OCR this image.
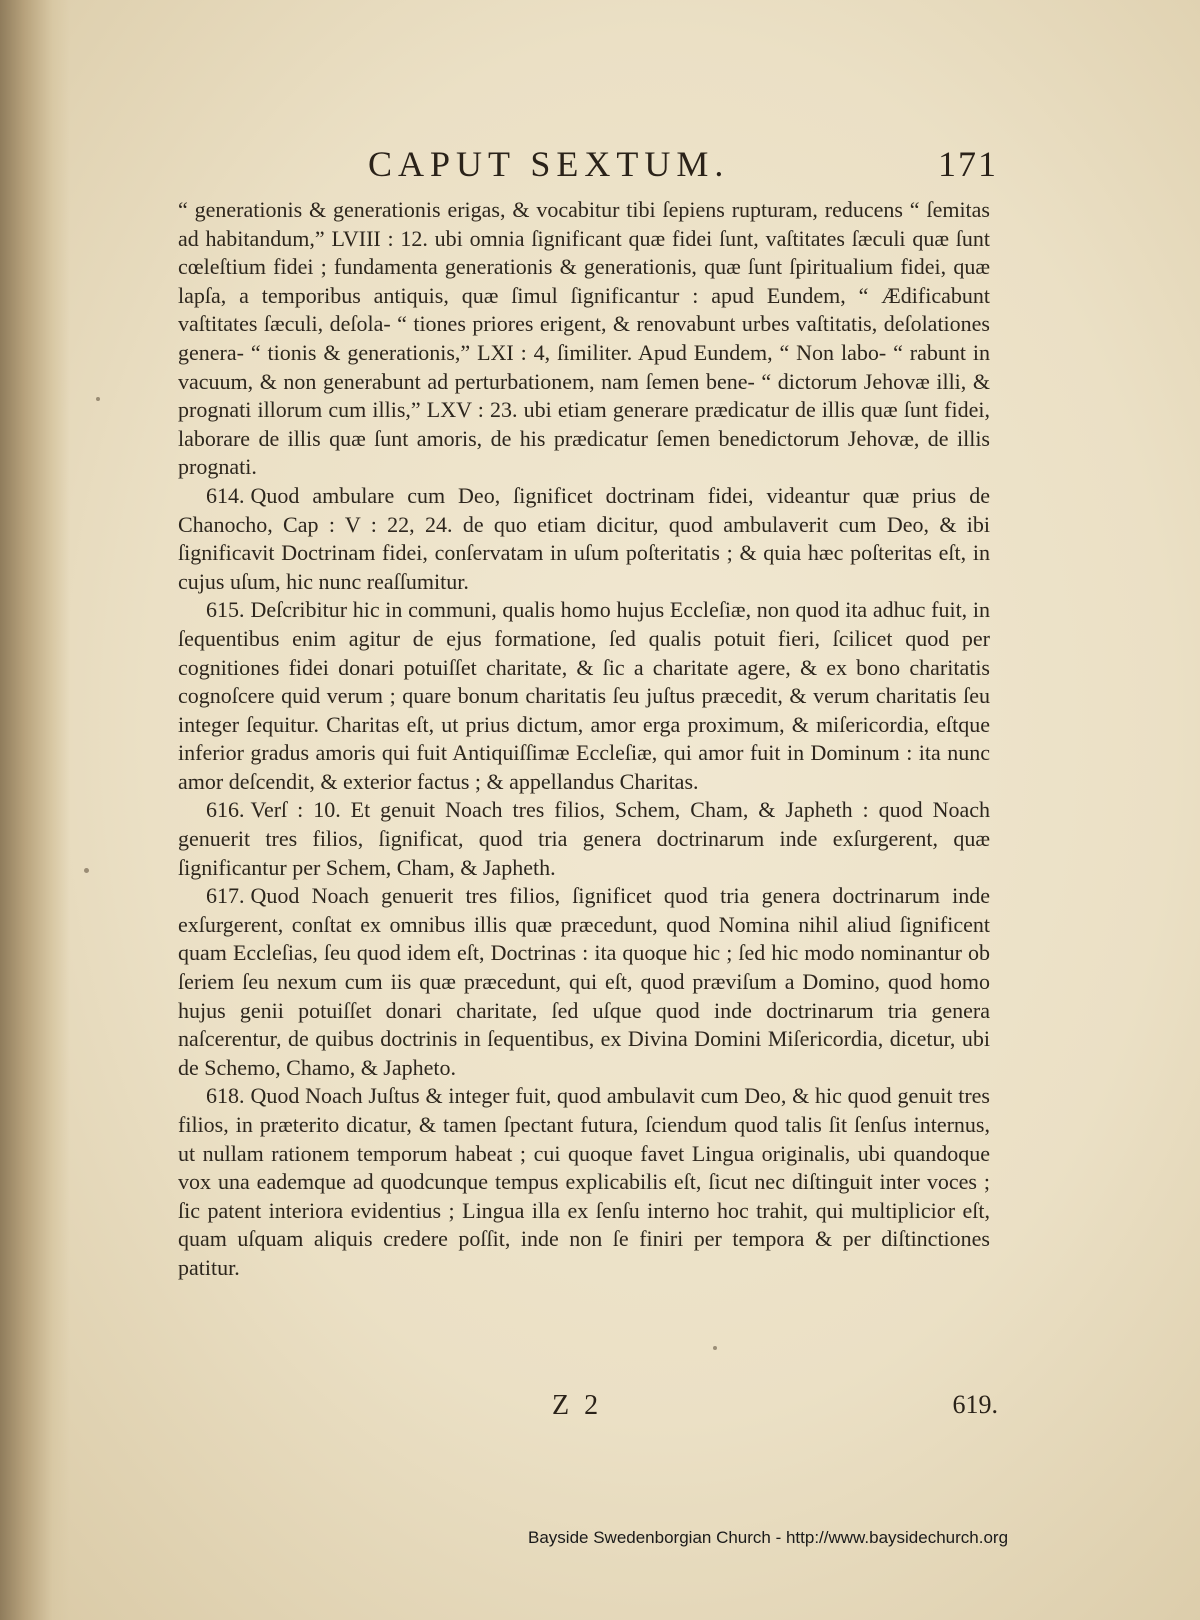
CAPUT SEXTUM.	171

“ generationis & generationis erigas, & vocabitur tibi ſepiens rupturam, reducens “ ſemitas ad habitandum,” LVIII : 12. ubi omnia ſignificant quæ fidei ſunt, vaſtitates ſæculi quæ ſunt cœleſtium fidei ; fundamenta generationis & generationis, quæ ſunt ſpiritualium fidei, quæ lapſa, a temporibus antiquis, quæ ſimul ſignificantur : apud Eundem, “ Ædificabunt vaſtitates ſæculi, deſola- “ tiones priores erigent, & renovabunt urbes vaſtitatis, deſolationes genera- “ tionis & generationis,” LXI : 4, ſimiliter. Apud Eundem, “ Non labo- “ rabunt in vacuum, & non generabunt ad perturbationem, nam ſemen bene- “ dictorum Jehovæ illi, & prognati illorum cum illis,” LXV : 23. ubi etiam generare prædicatur de illis quæ ſunt fidei, laborare de illis quæ ſunt amoris, de his prædicatur ſemen benedictorum Jehovæ, de illis prognati.

614. Quod ambulare cum Deo, ſignificet doctrinam fidei, videantur quæ prius de Chanocho, Cap : V : 22, 24. de quo etiam dicitur, quod ambulaverit cum Deo, & ibi ſignificavit Doctrinam fidei, conſervatam in uſum poſteritatis ; & quia hæc poſteritas eſt, in cujus uſum, hic nunc reaſſumitur.

615. Deſcribitur hic in communi, qualis homo hujus Eccleſiæ, non quod ita adhuc fuit, in ſequentibus enim agitur de ejus formatione, ſed qualis potuit fieri, ſcilicet quod per cognitiones fidei donari potuiſſet charitate, & ſic a charitate agere, & ex bono charitatis cognoſcere quid verum ; quare bonum charitatis ſeu juſtus præcedit, & verum charitatis ſeu integer ſequitur. Charitas eſt, ut prius dictum, amor erga proximum, & miſericordia, eſtque inferior gradus amoris qui fuit Antiquiſſimæ Eccleſiæ, qui amor fuit in Dominum : ita nunc amor deſcendit, & exterior factus ; & appellandus Charitas.

616. Verſ : 10. Et genuit Noach tres filios, Schem, Cham, & Japheth : quod Noach genuerit tres filios, ſignificat, quod tria genera doctrinarum inde exſurgerent, quæ ſignificantur per Schem, Cham, & Japheth.

617. Quod Noach genuerit tres filios, ſignificet quod tria genera doctrinarum inde exſurgerent, conſtat ex omnibus illis quæ præcedunt, quod Nomina nihil aliud ſignificent quam Eccleſias, ſeu quod idem eſt, Doctrinas : ita quoque hic ; ſed hic modo nominantur ob ſeriem ſeu nexum cum iis quæ præcedunt, qui eſt, quod præviſum a Domino, quod homo hujus genii potuiſſet donari charitate, ſed uſque quod inde doctrinarum tria genera naſcerentur, de quibus doctrinis in ſequentibus, ex Divina Domini Miſericordia, dicetur, ubi de Schemo, Chamo, & Japheto.

618. Quod Noach Juſtus & integer fuit, quod ambulavit cum Deo, & hic quod genuit tres filios, in præterito dicatur, & tamen ſpectant futura, ſciendum quod talis ſit ſenſus internus, ut nullam rationem temporum habeat ; cui quoque favet Lingua originalis, ubi quandoque vox una eademque ad quodcunque tempus explicabilis eſt, ſicut nec diſtinguit inter voces ; ſic patent interiora evidentius ; Lingua illa ex ſenſu interno hoc trahit, qui multiplicior eſt, quam uſquam aliquis credere poſſit, inde non ſe finiri per tempora & per diſtinctiones patitur.

Z 2	619.
Bayside Swedenborgian Church - http://www.baysidechurch.org
